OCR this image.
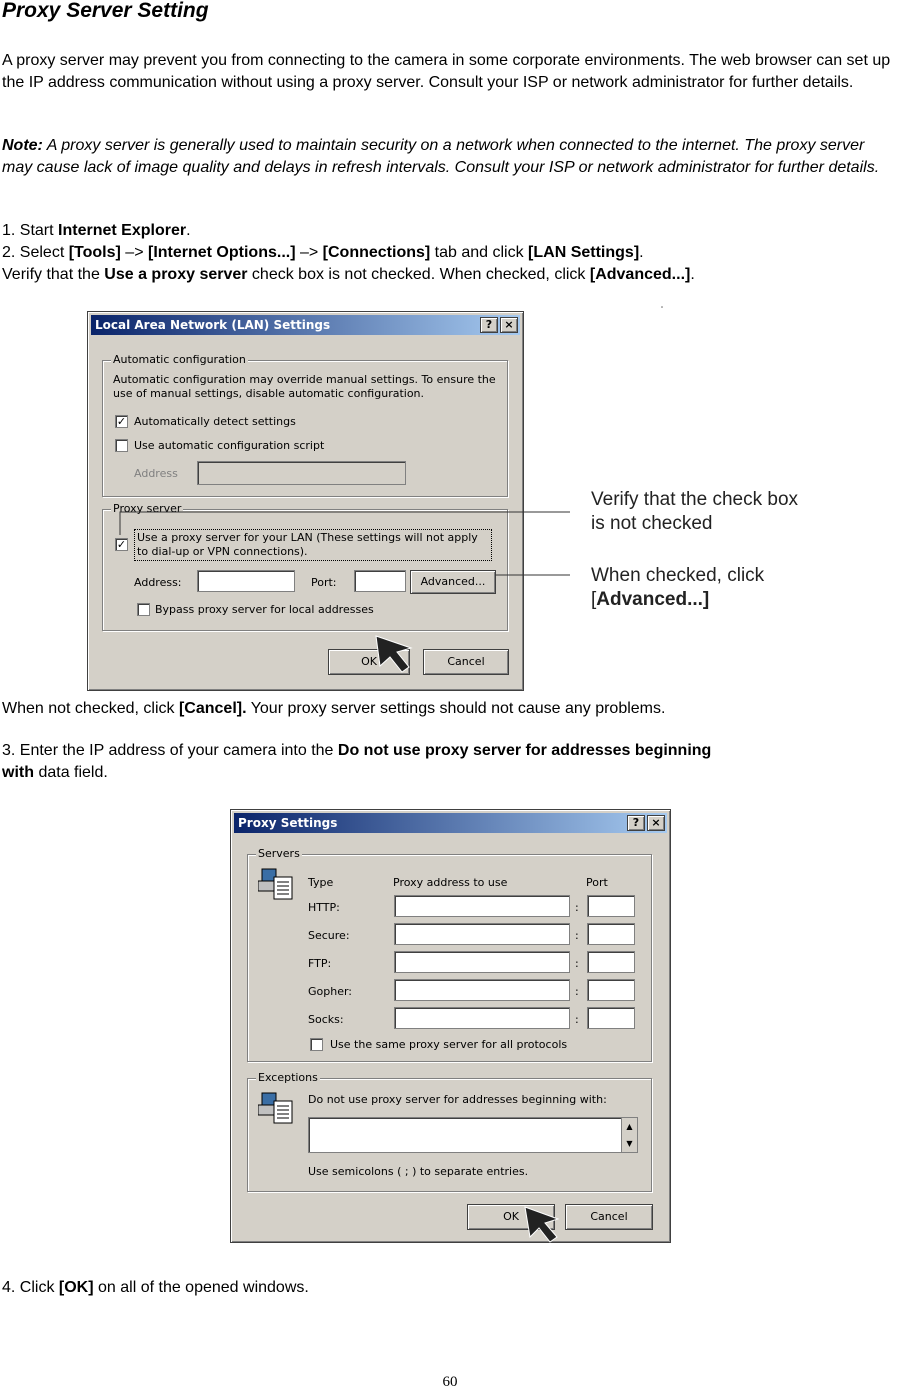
Proxy Server Setting
A proxy server may prevent you from connecting to the camera in some corporate environments. The web browser can set up the IP address communication without using a proxy server. Consult your ISP or network administrator for further details.
Note: A proxy server is generally used to maintain security on a network when connected to the internet. The proxy server may cause lack of image quality and delays in refresh intervals. Consult your ISP or network administrator for further details.
1. Start Internet Explorer.
2. Select [Tools] –> [Internet Options...] –> [Connections] tab and click [LAN Settings].
Verify that the Use a proxy server check box is not checked. When checked, click [Advanced...].
Local Area Network (LAN) Settings	?	×
Automatic configuration
Automatic configuration may override manual settings. To ensure the use of manual settings, disable automatic configuration.
✓ Automatically detect settings
Use automatic configuration script
Address
Proxy server
✓
Use a proxy server for your LAN (These settings will not apply to dial-up or VPN connections).
Address:	Port:	Advanced...
Bypass proxy server for local addresses
OK	Cancel
Verify that the check box
is not checked
When checked, click
[Advanced...]
When not checked, click [Cancel]. Your proxy server settings should not cause any problems.
3. Enter the IP address of your camera into the Do not use proxy server for addresses beginning
with data field.
Proxy Settings	?	×
Servers
Type	Proxy address to use	Port
HTTP:	:
Secure:	:
FTP:	:
Gopher:	:
Socks:	:
Use the same proxy server for all protocols
Exceptions
Do not use proxy server for addresses beginning with:
▲
▼
Use semicolons ( ; ) to separate entries.
OK	Cancel
4. Click [OK] on all of the opened windows.
60
